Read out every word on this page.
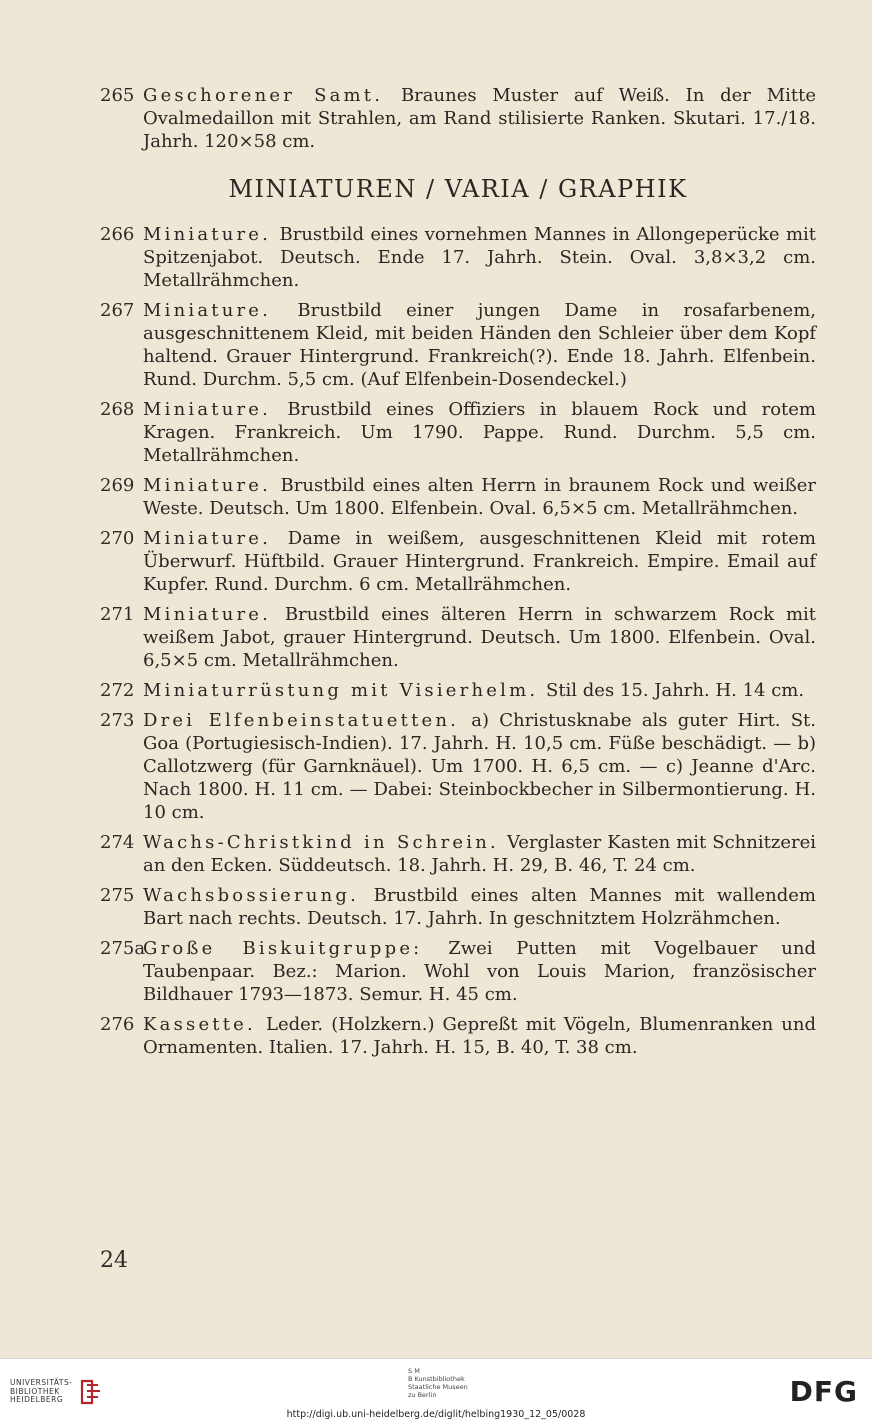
265 Geschorener Samt. Braunes Muster auf Weiß. In der Mitte Ovalmedaillon mit Strahlen, am Rand stilisierte Ranken. Skutari. 17./18. Jahrh. 120×58 cm.
MINIATUREN / VARIA / GRAPHIK
266 Miniature. Brustbild eines vornehmen Mannes in Allongeperücke mit Spitzenjabot. Deutsch. Ende 17. Jahrh. Stein. Oval. 3,8×3,2 cm. Metallrähmchen.
267 Miniature. Brustbild einer jungen Dame in rosafarbenem, ausgeschnittenem Kleid, mit beiden Händen den Schleier über dem Kopf haltend. Grauer Hintergrund. Frankreich(?). Ende 18. Jahrh. Elfenbein. Rund. Durchm. 5,5 cm. (Auf Elfenbein-Dosendeckel.)
268 Miniature. Brustbild eines Offiziers in blauem Rock und rotem Kragen. Frankreich. Um 1790. Pappe. Rund. Durchm. 5,5 cm. Metallrähmchen.
269 Miniature. Brustbild eines alten Herrn in braunem Rock und weißer Weste. Deutsch. Um 1800. Elfenbein. Oval. 6,5×5 cm. Metallrähmchen.
270 Miniature. Dame in weißem, ausgeschnittenen Kleid mit rotem Überwurf. Hüftbild. Grauer Hintergrund. Frankreich. Empire. Email auf Kupfer. Rund. Durchm. 6 cm. Metallrähmchen.
271 Miniature. Brustbild eines älteren Herrn in schwarzem Rock mit weißem Jabot, grauer Hintergrund. Deutsch. Um 1800. Elfenbein. Oval. 6,5×5 cm. Metallrähmchen.
272 Miniaturrüstung mit Visierhelm. Stil des 15. Jahrh. H. 14 cm.
273 Drei Elfenbeinstatuetten. a) Christusknabe als guter Hirt. St. Goa (Portugiesisch-Indien). 17. Jahrh. H. 10,5 cm. Füße beschädigt. — b) Callotzwerg (für Garnknäuel). Um 1700. H. 6,5 cm. — c) Jeanne d'Arc. Nach 1800. H. 11 cm. — Dabei: Steinbockbecher in Silbermontierung. H. 10 cm.
274 Wachs-Christkind in Schrein. Verglaster Kasten mit Schnitzerei an den Ecken. Süddeutsch. 18. Jahrh. H. 29, B. 46, T. 24 cm.
275 Wachsbossierung. Brustbild eines alten Mannes mit wallendem Bart nach rechts. Deutsch. 17. Jahrh. In geschnitztem Holzrähmchen.
275a
Große Biskuitgruppe: Zwei Putten mit Vogelbauer und Taubenpaar. Bez.: Marion. Wohl von Louis Marion, französischer Bildhauer 1793—1873. Semur. H. 45 cm.
276 Kassette. Leder. (Holzkern.) Gepreßt mit Vögeln, Blumenranken und Ornamenten. Italien. 17. Jahrh. H. 15, B. 40, T. 38 cm.
24
UNIVERSITÄTS-
BIBLIOTHEK
HEIDELBERG
S M
B Kunstbibliothek
Staatliche Museen
zu Berlin	DFG
http://digi.ub.uni-heidelberg.de/diglit/helbing1930_12_05/0028
